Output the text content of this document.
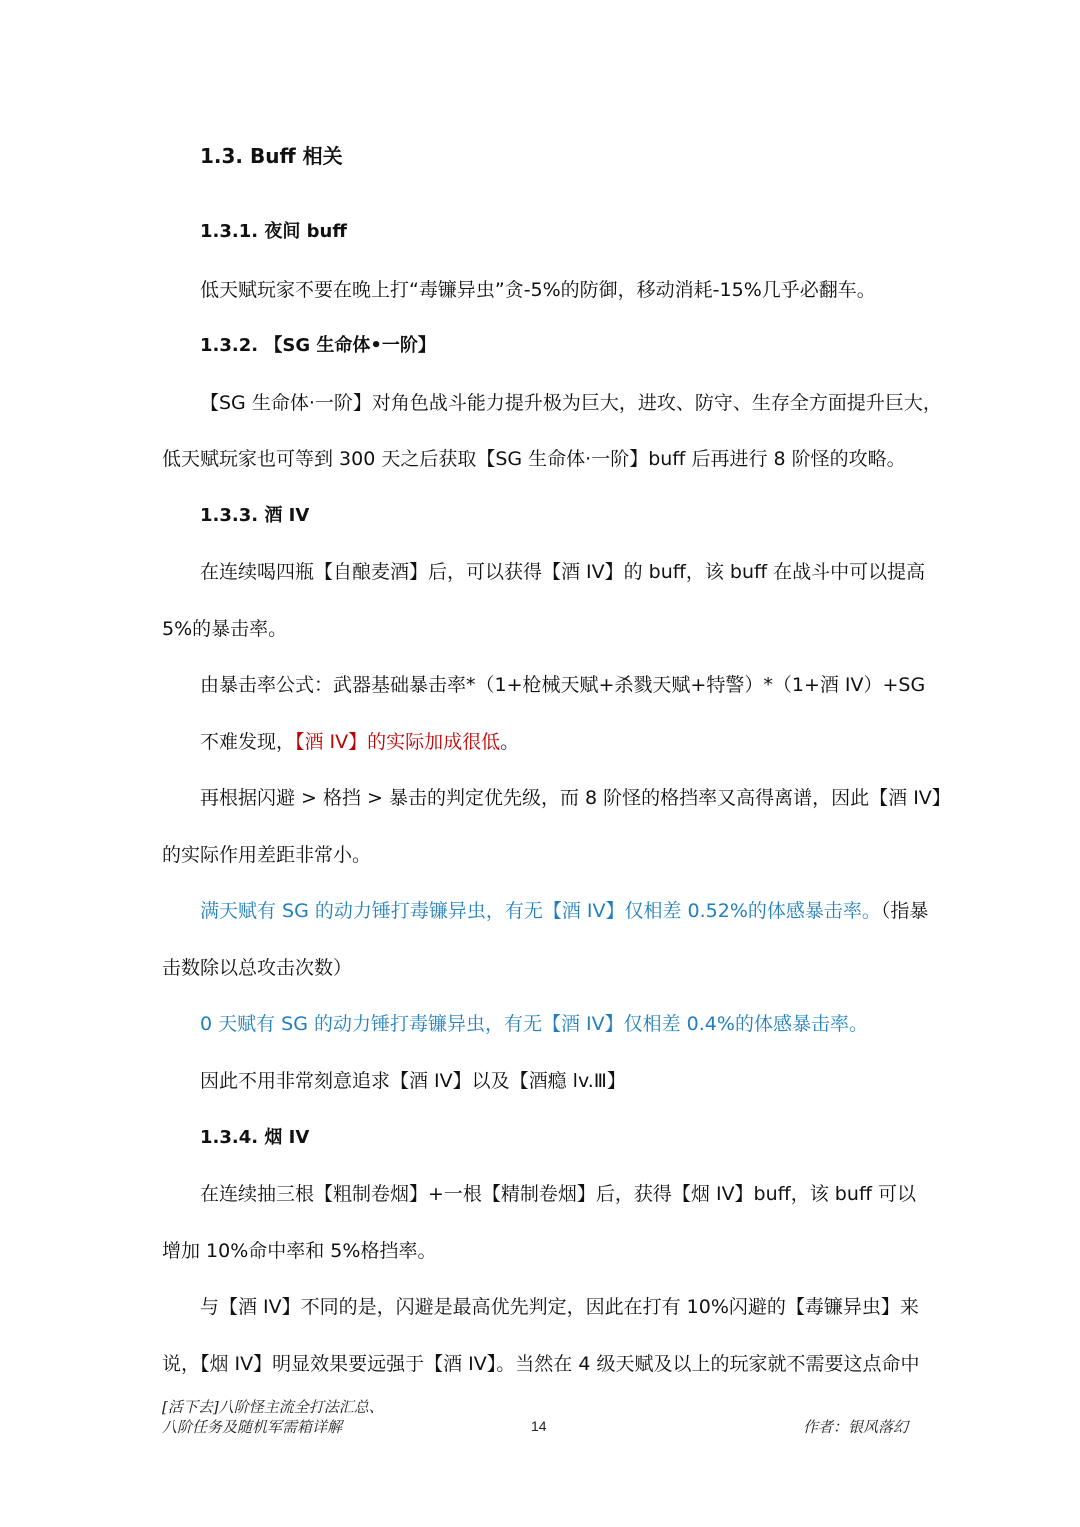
1.3. Buff 相关
1.3.1. 夜间 buff
低天赋玩家不要在晚上打“毒镰异虫”贪-5%的防御，移动消耗-15%几乎必翻车。
1.3.2. 【SG 生命体•一阶】
【SG 生命体·一阶】对角色战斗能力提升极为巨大，进攻、防守、生存全方面提升巨大，
低天赋玩家也可等到 300 天之后获取【SG 生命体·一阶】buff 后再进行 8 阶怪的攻略。
1.3.3. 酒 IV
在连续喝四瓶【自酿麦酒】后，可以获得【酒 IV】的 buff，该 buff 在战斗中可以提高
5%的暴击率。
由暴击率公式：武器基础暴击率*（1+枪械天赋+杀戮天赋+特警）*（1+酒 IV）+SG
不难发现，【酒 IV】的实际加成很低。
再根据闪避 > 格挡 > 暴击的判定优先级，而 8 阶怪的格挡率又高得离谱，因此【酒 IV】
的实际作用差距非常小。
满天赋有 SG 的动力锤打毒镰异虫，有无【酒 IV】仅相差 0.52%的体感暴击率。（指暴
击数除以总攻击次数）
0 天赋有 SG 的动力锤打毒镰异虫，有无【酒 IV】仅相差 0.4%的体感暴击率。
因此不用非常刻意追求【酒 IV】以及【酒瘾 lv.Ⅲ】
1.3.4. 烟 IV
在连续抽三根【粗制卷烟】+一根【精制卷烟】后，获得【烟 IV】buff，该 buff 可以
增加 10%命中率和 5%格挡率。
与【酒 IV】不同的是，闪避是最高优先判定，因此在打有 10%闪避的【毒镰异虫】来
说，【烟 IV】明显效果要远强于【酒 IV】。当然在 4 级天赋及以上的玩家就不需要这点命中
[活下去]八阶怪主流全打法汇总、
八阶任务及随机军需箱详解	14	作者：银风落幻
